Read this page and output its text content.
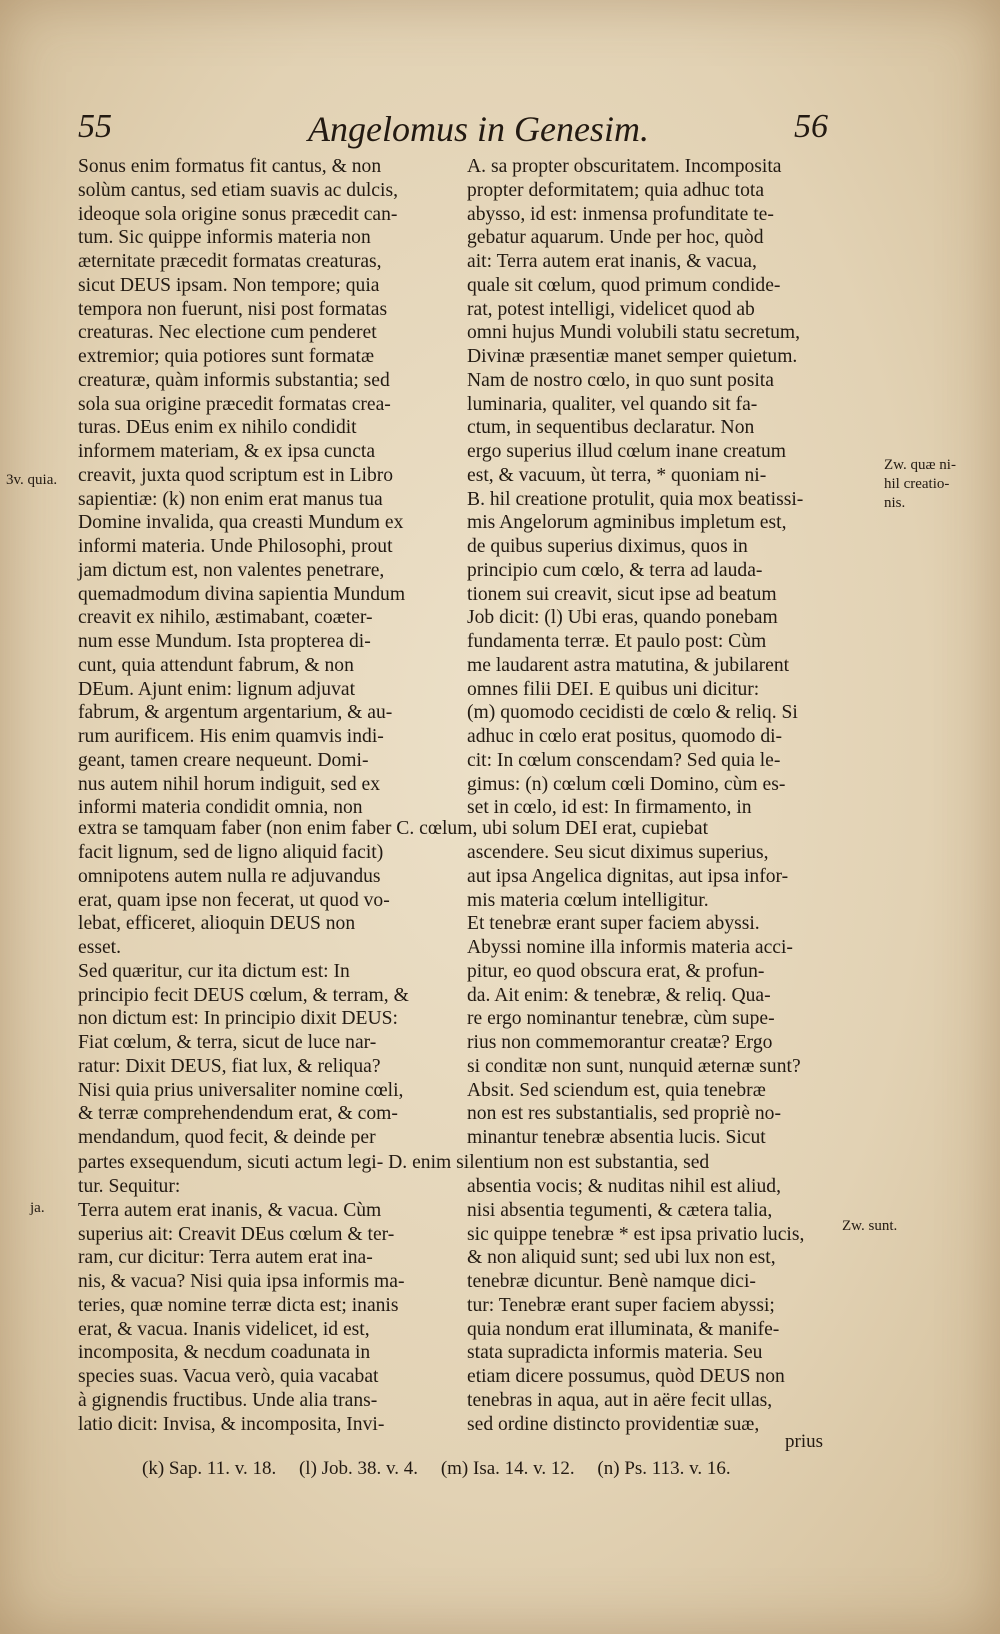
55	Angelomus in Genesim.	56
Sonus enim formatus fit cantus, & non
solùm cantus, sed etiam suavis ac dulcis,
ideoque sola origine sonus præcedit can-
tum. Sic quippe informis materia non
æternitate præcedit formatas creaturas,
sicut DEUS ipsam. Non tempore; quia
tempora non fuerunt, nisi post formatas
creaturas. Nec electione cum penderet
extremior; quia potiores sunt formatæ
creaturæ, quàm informis substantia; sed
sola sua origine præcedit formatas crea-
turas. DEus enim ex nihilo condidit
informem materiam, & ex ipsa cuncta
creavit, juxta quod scriptum est in Libro
sapientiæ: (k) non enim erat manus tua
Domine invalida, qua creasti Mundum ex
informi materia. Unde Philosophi, prout
jam dictum est, non valentes penetrare,
quemadmodum divina sapientia Mundum
creavit ex nihilo, æstimabant, coæter-
num esse Mundum. Ista propterea di-
cunt, quia attendunt fabrum, & non
DEum. Ajunt enim: lignum adjuvat
fabrum, & argentum argentarium, & au-
rum aurificem. His enim quamvis indi-
geant, tamen creare nequeunt. Domi-
nus autem nihil horum indiguit, sed ex
informi materia condidit omnia, non
A. sa propter obscuritatem. Incomposita
propter deformitatem; quia adhuc tota
abysso, id est: inmensa profunditate te-
gebatur aquarum. Unde per hoc, quòd
ait: Terra autem erat inanis, & vacua,
quale sit cœlum, quod primum condide-
rat, potest intelligi, videlicet quod ab
omni hujus Mundi volubili statu secretum,
Divinæ præsentiæ manet semper quietum.
Nam de nostro cœlo, in quo sunt posita
luminaria, qualiter, vel quando sit fa-
ctum, in sequentibus declaratur. Non
ergo superius illud cœlum inane creatum
est, & vacuum, ùt terra, * quoniam ni-
B. hil creatione protulit, quia mox beatissi-
mis Angelorum agminibus impletum est,
de quibus superius diximus, quos in
principio cum cœlo, & terra ad lauda-
tionem sui creavit, sicut ipse ad beatum
Job dicit: (l) Ubi eras, quando ponebam
fundamenta terræ. Et paulo post: Cùm
me laudarent astra matutina, & jubilarent
omnes filii DEI. E quibus uni dicitur:
(m) quomodo cecidisti de cœlo & reliq. Si
adhuc in cœlo erat positus, quomodo di-
cit: In cœlum conscendam? Sed quia le-
gimus: (n) cœlum cœli Domino, cùm es-
set in cœlo, id est: In firmamento, in
extra se tamquam faber (non enim faber C. cœlum, ubi solum DEI erat, cupiebat
facit lignum, sed de ligno aliquid facit)
omnipotens autem nulla re adjuvandus
erat, quam ipse non fecerat, ut quod vo-
lebat, efficeret, alioquin DEUS non
esset.
Sed quæritur, cur ita dictum est: In
principio fecit DEUS cœlum, & terram, &
non dictum est: In principio dixit DEUS:
Fiat cœlum, & terra, sicut de luce nar-
ratur: Dixit DEUS, fiat lux, & reliqua?
Nisi quia prius universaliter nomine cœli,
& terræ comprehendendum erat, & com-
mendandum, quod fecit, & deinde per
ascendere. Seu sicut diximus superius,
aut ipsa Angelica dignitas, aut ipsa infor-
mis materia cœlum intelligitur.
Et tenebræ erant super faciem abyssi.
Abyssi nomine illa informis materia acci-
pitur, eo quod obscura erat, & profun-
da. Ait enim: & tenebræ, & reliq. Qua-
re ergo nominantur tenebræ, cùm supe-
rius non commemorantur creatæ? Ergo
si conditæ non sunt, nunquid æternæ sunt?
Absit. Sed sciendum est, quia tenebræ
non est res substantialis, sed propriè no-
minantur tenebræ absentia lucis. Sicut
partes exsequendum, sicuti actum legi- D. enim silentium non est substantia, sed
tur. Sequitur:
Terra autem erat inanis, & vacua. Cùm
superius ait: Creavit DEus cœlum & ter-
ram, cur dicitur: Terra autem erat ina-
nis, & vacua? Nisi quia ipsa informis ma-
teries, quæ nomine terræ dicta est; inanis
erat, & vacua. Inanis videlicet, id est,
incomposita, & necdum coadunata in
species suas. Vacua verò, quia vacabat
à gignendis fructibus. Unde alia trans-
latio dicit: Invisa, & incomposita, Invi-
absentia vocis; & nuditas nihil est aliud,
nisi absentia tegumenti, & cætera talia,
sic quippe tenebræ * est ipsa privatio lucis,
& non aliquid sunt; sed ubi lux non est,
tenebræ dicuntur. Benè namque dici-
tur: Tenebræ erant super faciem abyssi;
quia nondum erat illuminata, & manife-
stata supradicta informis materia. Seu
etiam dicere possumus, quòd DEUS non
tenebras in aqua, aut in aëre fecit ullas,
sed ordine distincto providentiæ suæ,
3v. quia.
Zw. quæ ni-
hil creatio-
nis.
ja.
Zw. sunt.
prius
(k) Sap. 11. v. 18. (l) Job. 38. v. 4. (m) Isa. 14. v. 12. (n) Ps. 113. v. 16.
